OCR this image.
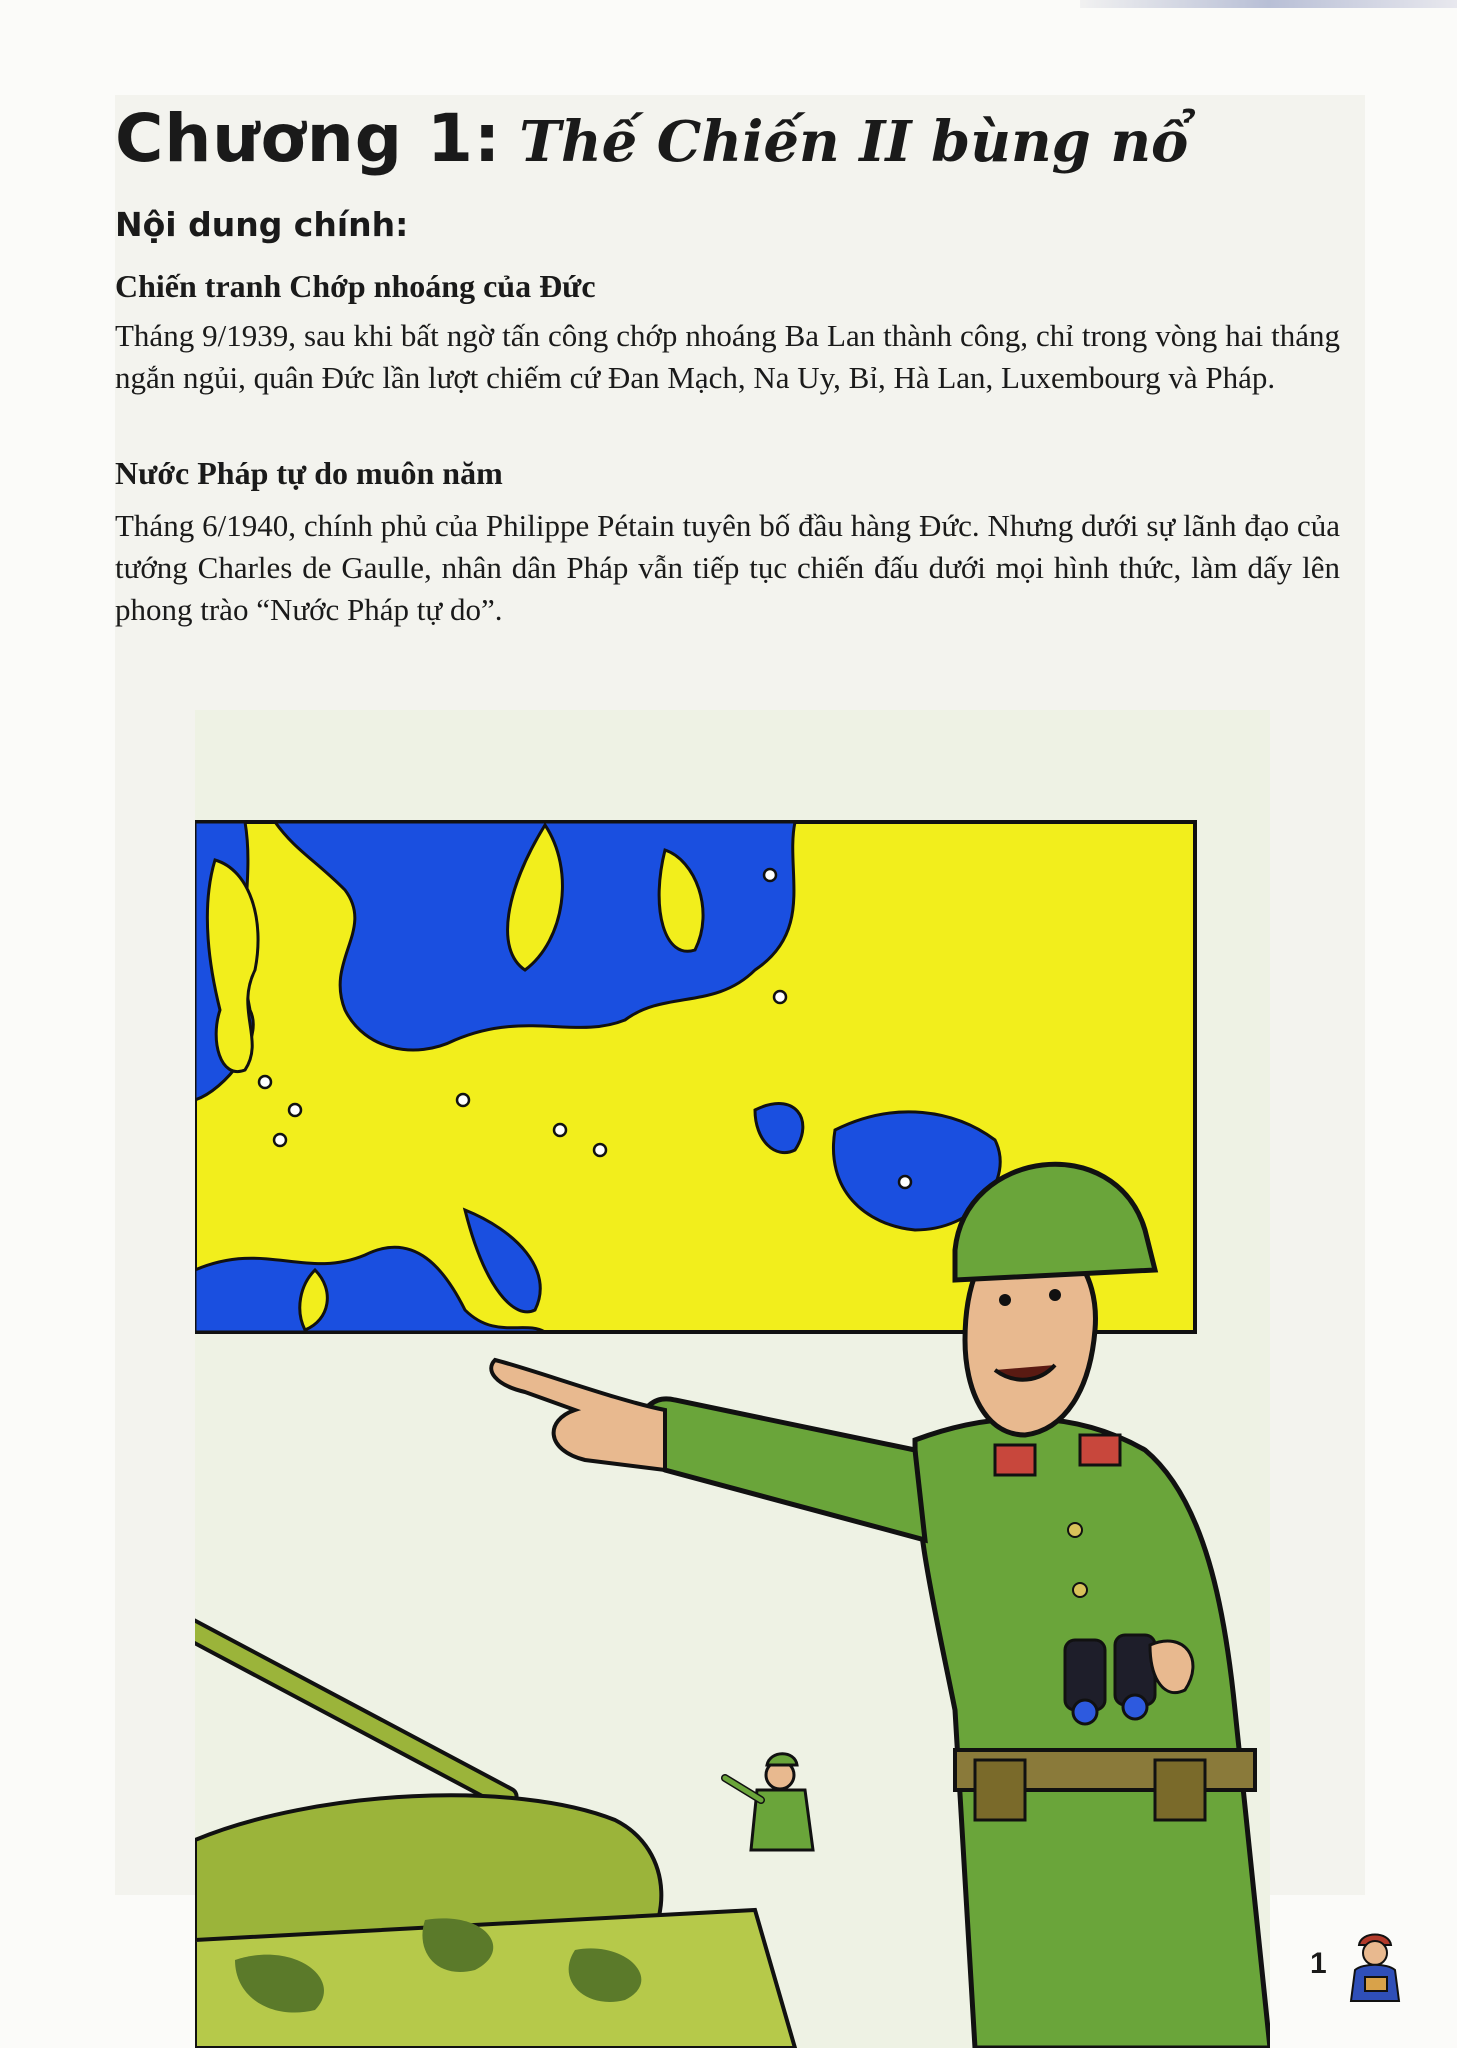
Chương 1: Thế Chiến II bùng nổ
Nội dung chính:
Chiến tranh Chớp nhoáng của Đức

Tháng 9/1939, sau khi bất ngờ tấn công chớp nhoáng Ba Lan thành công, chỉ trong vòng hai tháng ngắn ngủi, quân Đức lần lượt chiếm cứ Đan Mạch, Na Uy, Bỉ, Hà Lan, Luxembourg và Pháp.

Nước Pháp tự do muôn năm

Tháng 6/1940, chính phủ của Philippe Pétain tuyên bố đầu hàng Đức. Nhưng dưới sự lãnh đạo của tướng Charles de Gaulle, nhân dân Pháp vẫn tiếp tục chiến đấu dưới mọi hình thức, làm dấy lên phong trào “Nước Pháp tự do”.

1
